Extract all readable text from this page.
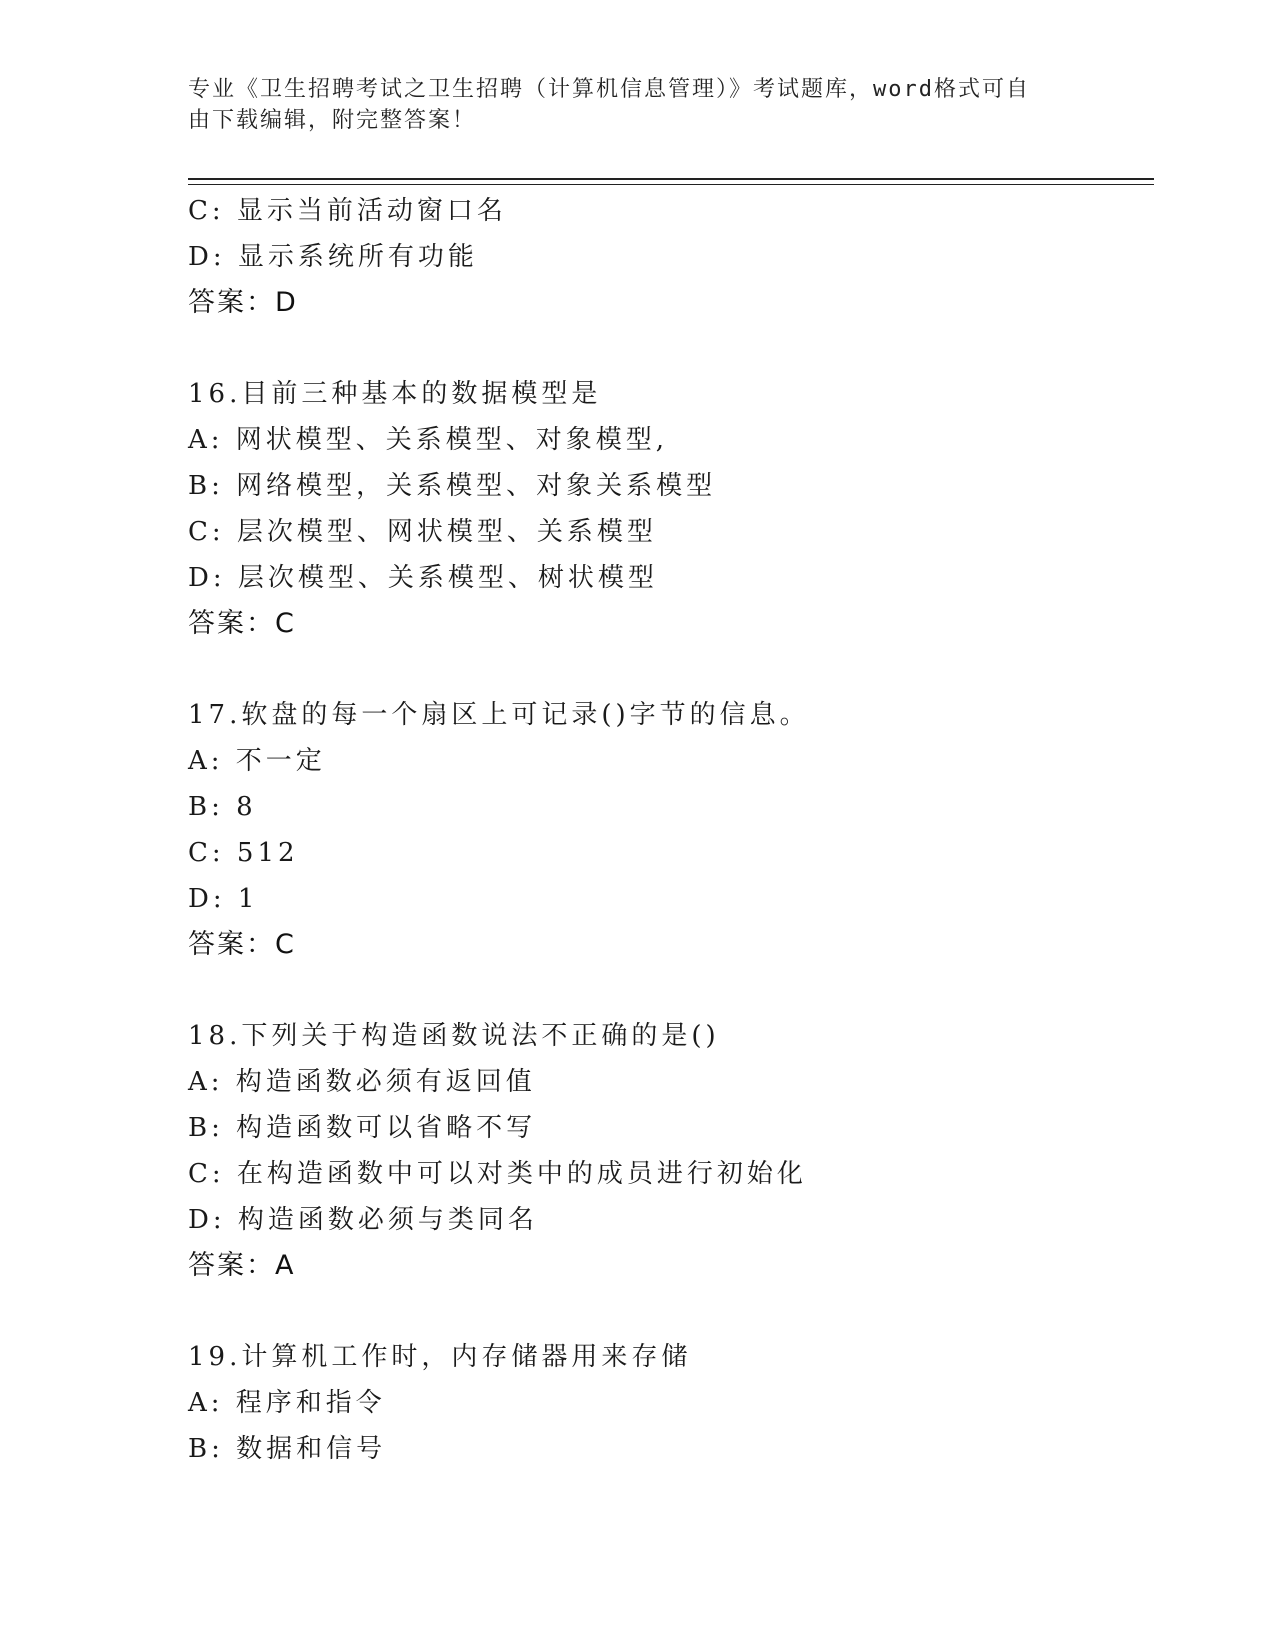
专业《卫生招聘考试之卫生招聘（计算机信息管理）》考试题库，word格式可自
由下载编辑，附完整答案！
C: 显示当前活动窗口名
D: 显示系统所有功能
答案：D
16.目前三种基本的数据模型是
A: 网状模型、关系模型、对象模型,
B: 网络模型，关系模型、对象关系模型
C: 层次模型、网状模型、关系模型
D: 层次模型、关系模型、树状模型
答案：C
17.软盘的每一个扇区上可记录()字节的信息。
A: 不一定
B: 8
C: 512
D: 1
答案：C
18.下列关于构造函数说法不正确的是()
A: 构造函数必须有返回值
B: 构造函数可以省略不写
C: 在构造函数中可以对类中的成员进行初始化
D: 构造函数必须与类同名
答案：A
19.计算机工作时，内存储器用来存储
A: 程序和指令
B: 数据和信号
